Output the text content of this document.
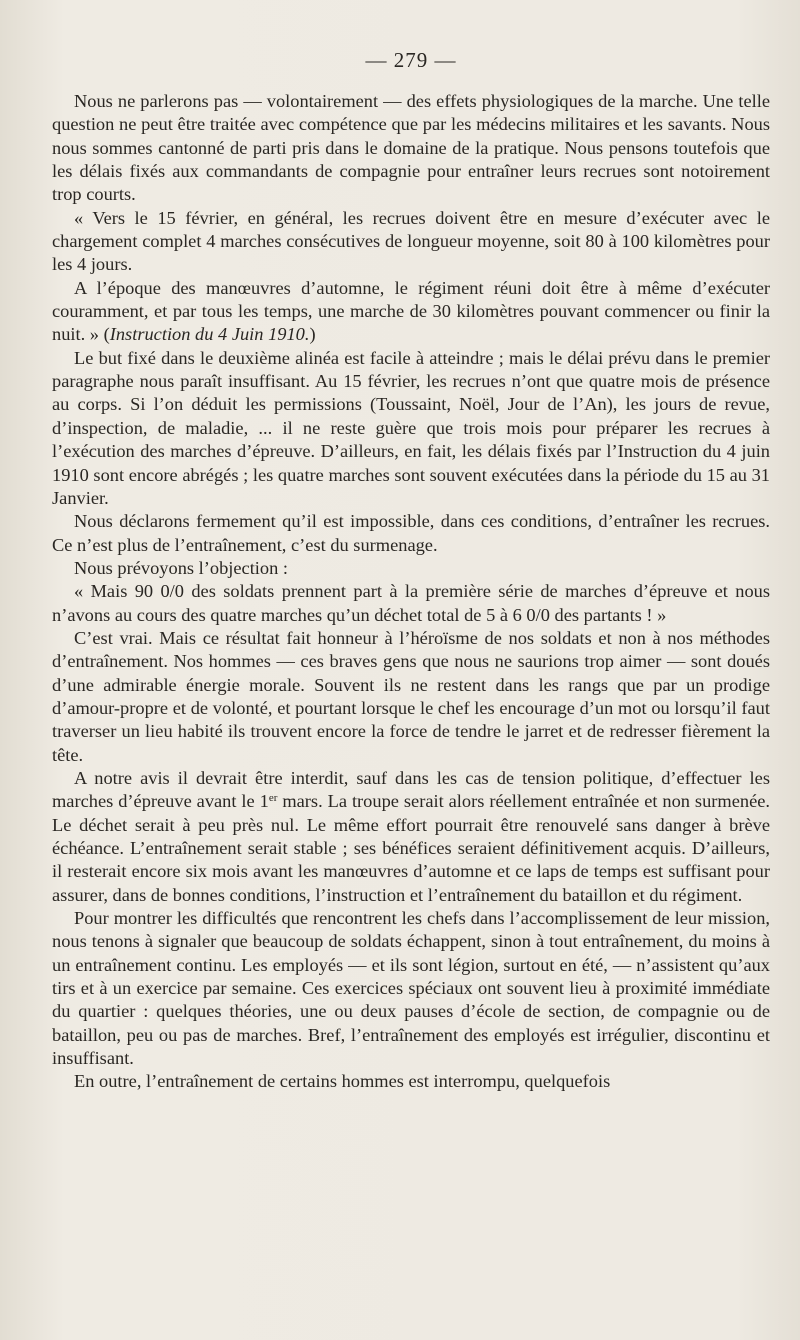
— 279 —

Nous ne parlerons pas — volontairement — des effets physiologiques de la marche. Une telle question ne peut être traitée avec compétence que par les médecins militaires et les savants. Nous nous sommes cantonné de parti pris dans le domaine de la pratique. Nous pensons toutefois que les délais fixés aux commandants de compagnie pour entraîner leurs recrues sont notoirement trop courts.

« Vers le 15 février, en général, les recrues doivent être en mesure d’exécuter avec le chargement complet 4 marches consécutives de longueur moyenne, soit 80 à 100 kilomètres pour les 4 jours.

A l’époque des manœuvres d’automne, le régiment réuni doit être à même d’exécuter couramment, et par tous les temps, une marche de 30 kilomètres pouvant commencer ou finir la nuit. » (Instruction du 4 Juin 1910.)

Le but fixé dans le deuxième alinéa est facile à atteindre ; mais le délai prévu dans le premier paragraphe nous paraît insuffisant. Au 15 février, les recrues n’ont que quatre mois de présence au corps. Si l’on déduit les permissions (Toussaint, Noël, Jour de l’An), les jours de revue, d’inspection, de maladie, ... il ne reste guère que trois mois pour préparer les recrues à l’exécution des marches d’épreuve. D’ailleurs, en fait, les délais fixés par l’Instruction du 4 juin 1910 sont encore abrégés ; les quatre marches sont souvent exécutées dans la période du 15 au 31 Janvier.

Nous déclarons fermement qu’il est impossible, dans ces conditions, d’entraîner les recrues. Ce n’est plus de l’entraînement, c’est du surmenage.

Nous prévoyons l’objection :

« Mais 90 0/0 des soldats prennent part à la première série de marches d’épreuve et nous n’avons au cours des quatre marches qu’un déchet total de 5 à 6 0/0 des partants ! »

C’est vrai. Mais ce résultat fait honneur à l’héroïsme de nos soldats et non à nos méthodes d’entraînement. Nos hommes — ces braves gens que nous ne saurions trop aimer — sont doués d’une admirable énergie morale. Souvent ils ne restent dans les rangs que par un prodige d’amour-propre et de volonté, et pourtant lorsque le chef les encourage d’un mot ou lorsqu’il faut traverser un lieu habité ils trouvent encore la force de tendre le jarret et de redresser fièrement la tête.

A notre avis il devrait être interdit, sauf dans les cas de tension politique, d’effectuer les marches d’épreuve avant le 1er mars. La troupe serait alors réellement entraînée et non surmenée. Le déchet serait à peu près nul. Le même effort pourrait être renouvelé sans danger à brève échéance. L’entraînement serait stable ; ses bénéfices seraient définitivement acquis. D’ailleurs, il resterait encore six mois avant les manœuvres d’automne et ce laps de temps est suffisant pour assurer, dans de bonnes conditions, l’instruction et l’entraînement du bataillon et du régiment.

Pour montrer les difficultés que rencontrent les chefs dans l’accomplissement de leur mission, nous tenons à signaler que beaucoup de soldats échappent, sinon à tout entraînement, du moins à un entraînement continu. Les employés — et ils sont légion, surtout en été, — n’assistent qu’aux tirs et à un exercice par semaine. Ces exercices spéciaux ont souvent lieu à proximité immédiate du quartier : quelques théories, une ou deux pauses d’école de section, de compagnie ou de bataillon, peu ou pas de marches. Bref, l’entraînement des employés est irrégulier, discontinu et insuffisant.

En outre, l’entraînement de certains hommes est interrompu, quelquefois
